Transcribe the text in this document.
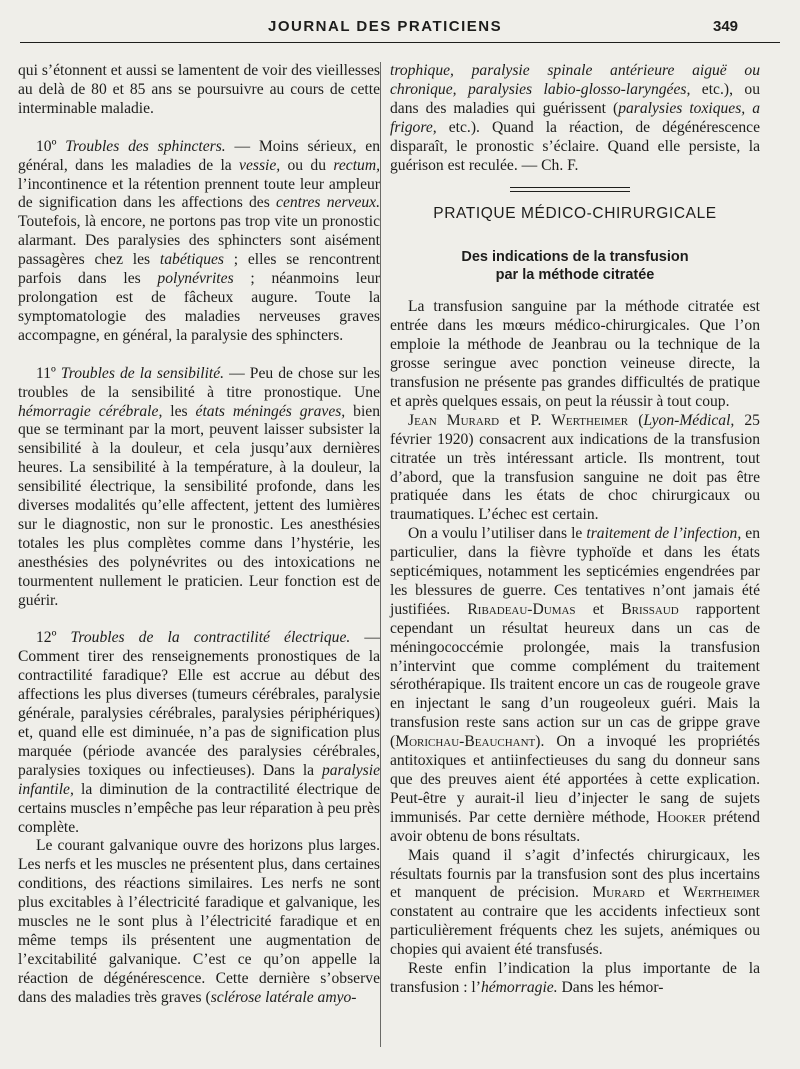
JOURNAL DES PRATICIENS	349

qui s’étonnent et aussi se lamentent de voir des vieillesses au delà de 80 et 85 ans se poursuivre au cours de cette interminable maladie.

10º Troubles des sphincters. — Moins sérieux, en général, dans les maladies de la vessie, ou du rectum, l’incontinence et la rétention prennent toute leur ampleur de signification dans les affections des centres nerveux. Toutefois, là encore, ne portons pas trop vite un pronostic alarmant. Des paralysies des sphincters sont aisément passagères chez les tabétiques ; elles se rencontrent parfois dans les polynévrites ; néanmoins leur prolongation est de fâcheux augure. Toute la symptomatologie des maladies nerveuses graves accompagne, en général, la paralysie des sphincters.

11º Troubles de la sensibilité. — Peu de chose sur les troubles de la sensibilité à titre pronostique. Une hémorragie cérébrale, les états méningés graves, bien que se terminant par la mort, peuvent laisser subsister la sensibilité à la douleur, et cela jusqu’aux dernières heures. La sensibilité à la température, à la douleur, la sensibilité électrique, la sensibilité profonde, dans les diverses modalités qu’elle affectent, jettent des lumières sur le diagnostic, non sur le pronostic. Les anesthésies totales les plus complètes comme dans l’hystérie, les anesthésies des polynévrites ou des intoxications ne tourmentent nullement le praticien. Leur fonction est de guérir.

12º Troubles de la contractilité électrique. — Comment tirer des renseignements pronostiques de la contractilité faradique? Elle est accrue au début des affections les plus diverses (tumeurs cérébrales, paralysie générale, paralysies cérébrales, paralysies périphériques) et, quand elle est diminuée, n’a pas de signification plus marquée (période avancée des paralysies cérébrales, paralysies toxiques ou infectieuses). Dans la paralysie infantile, la diminution de la contractilité électrique de certains muscles n’empêche pas leur réparation à peu près complète.

Le courant galvanique ouvre des horizons plus larges. Les nerfs et les muscles ne présentent plus, dans certaines conditions, des réactions similaires. Les nerfs ne sont plus excitables à l’électricité faradique et galvanique, les muscles ne le sont plus à l’électricité faradique et en même temps ils présentent une augmentation de l’excitabilité galvanique. C’est ce qu’on appelle la réaction de dégénérescence. Cette dernière s’observe dans des maladies très graves (sclérose latérale amyo-

trophique, paralysie spinale antérieure aiguë ou chronique, paralysies labio-glosso-laryngées, etc.), ou dans des maladies qui guérissent (paralysies toxiques, a frigore, etc.). Quand la réaction, de dégénérescence disparaît, le pronostic s’éclaire. Quand elle persiste, la guérison est reculée. — Ch. F.

PRATIQUE MÉDICO-CHIRURGICALE
Des indications de la transfusion
par la méthode citratée

La transfusion sanguine par la méthode citratée est entrée dans les mœurs médico-chirurgicales. Que l’on emploie la méthode de Jeanbrau ou la technique de la grosse seringue avec ponction veineuse directe, la transfusion ne présente pas grandes difficultés de pratique et après quelques essais, on peut la réussir à tout coup.

Jean Murard et P. Wertheimer (Lyon-Médical, 25 février 1920) consacrent aux indications de la transfusion citratée un très intéressant article. Ils montrent, tout d’abord, que la transfusion sanguine ne doit pas être pratiquée dans les états de choc chirurgicaux ou traumatiques. L’échec est certain.

On a voulu l’utiliser dans le traitement de l’infection, en particulier, dans la fièvre typhoïde et dans les états septicémiques, notamment les septicémies engendrées par les blessures de guerre. Ces tentatives n’ont jamais été justifiées. Ribadeau-Dumas et Brissaud rapportent cependant un résultat heureux dans un cas de méningococcémie prolongée, mais la transfusion n’intervint que comme complément du traitement sérothérapique. Ils traitent encore un cas de rougeole grave en injectant le sang d’un rougeoleux guéri. Mais la transfusion reste sans action sur un cas de grippe grave (Morichau-Beauchant). On a invoqué les propriétés antitoxiques et antiinfectieuses du sang du donneur sans que des preuves aient été apportées à cette explication. Peut-être y aurait-il lieu d’injecter le sang de sujets immunisés. Par cette dernière méthode, Hooker prétend avoir obtenu de bons résultats.

Mais quand il s’agit d’infectés chirurgicaux, les résultats fournis par la transfusion sont des plus incertains et manquent de précision. Murard et Wertheimer constatent au contraire que les accidents infectieux sont particulièrement fréquents chez les sujets, anémiques ou chopies qui avaient été transfusés.

Reste enfin l’indication la plus importante de la transfusion : l’hémorragie. Dans les hémor-
